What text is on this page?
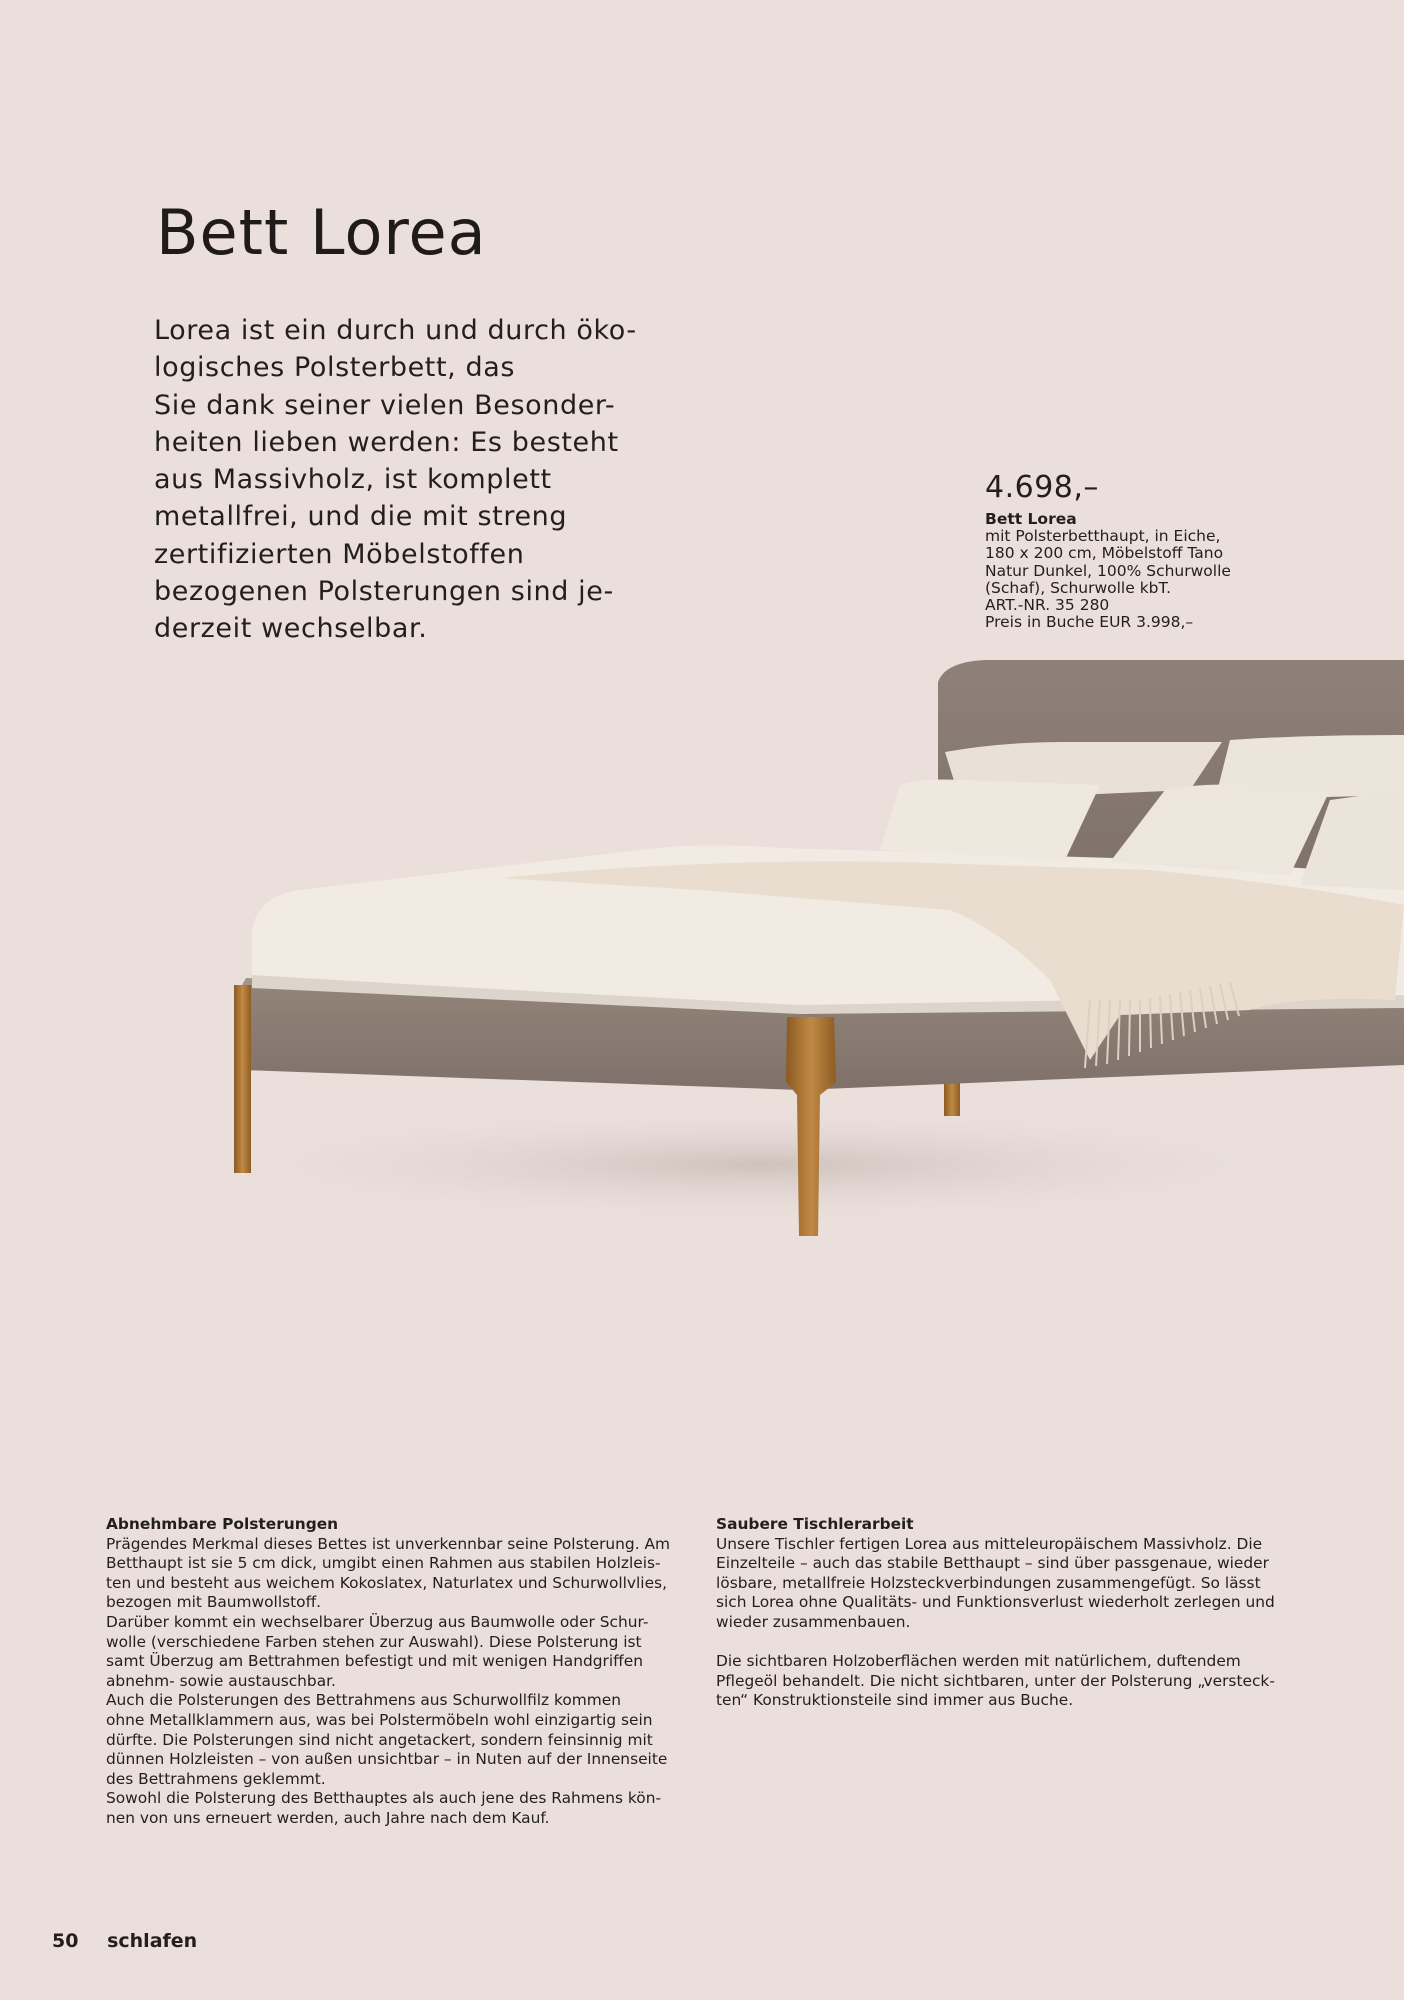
Bett Lorea

Lorea ist ein durch und durch öko-
logisches Polsterbett, das
Sie dank seiner vielen Besonder-
heiten lieben werden: Es besteht
aus Massivholz, ist komplett
metallfrei, und die mit streng
zertifizierten Möbelstoffen
bezogenen Polsterungen sind je-
derzeit wechselbar.

4.698,–
Bett Lorea
mit Polsterbetthaupt, in Eiche,
180 x 200 cm, Möbelstoff Tano
Natur Dunkel, 100% Schurwolle
(Schaf), Schurwolle kbT.
ART.-NR. 35 280
Preis in Buche EUR 3.998,–
Abnehmbare Polsterungen
Prägendes Merkmal dieses Bettes ist unverkennbar seine Polsterung. Am
Betthaupt ist sie 5 cm dick, umgibt einen Rahmen aus stabilen Holzleis-
ten und besteht aus weichem Kokoslatex, Naturlatex und Schurwollvlies,
bezogen mit Baumwollstoff.
Darüber kommt ein wechselbarer Überzug aus Baumwolle oder Schur-
wolle (verschiedene Farben stehen zur Auswahl). Diese Polsterung ist
samt Überzug am Bettrahmen befestigt und mit wenigen Handgriffen
abnehm- sowie austauschbar.
Auch die Polsterungen des Bettrahmens aus Schurwollfilz kommen
ohne Metallklammern aus, was bei Polstermöbeln wohl einzigartig sein
dürfte. Die Polsterungen sind nicht angetackert, sondern feinsinnig mit
dünnen Holzleisten – von außen unsichtbar – in Nuten auf der Innenseite
des Bettrahmens geklemmt.
Sowohl die Polsterung des Betthauptes als auch jene des Rahmens kön-
nen von uns erneuert werden, auch Jahre nach dem Kauf.
Saubere Tischlerarbeit
Unsere Tischler fertigen Lorea aus mitteleuropäischem Massivholz. Die
Einzelteile – auch das stabile Betthaupt – sind über passgenaue, wieder
lösbare, metallfreie Holzsteckverbindungen zusammengefügt. So lässt
sich Lorea ohne Qualitäts- und Funktionsverlust wiederholt zerlegen und
wieder zusammenbauen.
Die sichtbaren Holzoberflächen werden mit natürlichem, duftendem
Pflegeöl behandelt. Die nicht sichtbaren, unter der Polsterung „versteck-
ten“ Konstruktionsteile sind immer aus Buche.
50 schlafen
